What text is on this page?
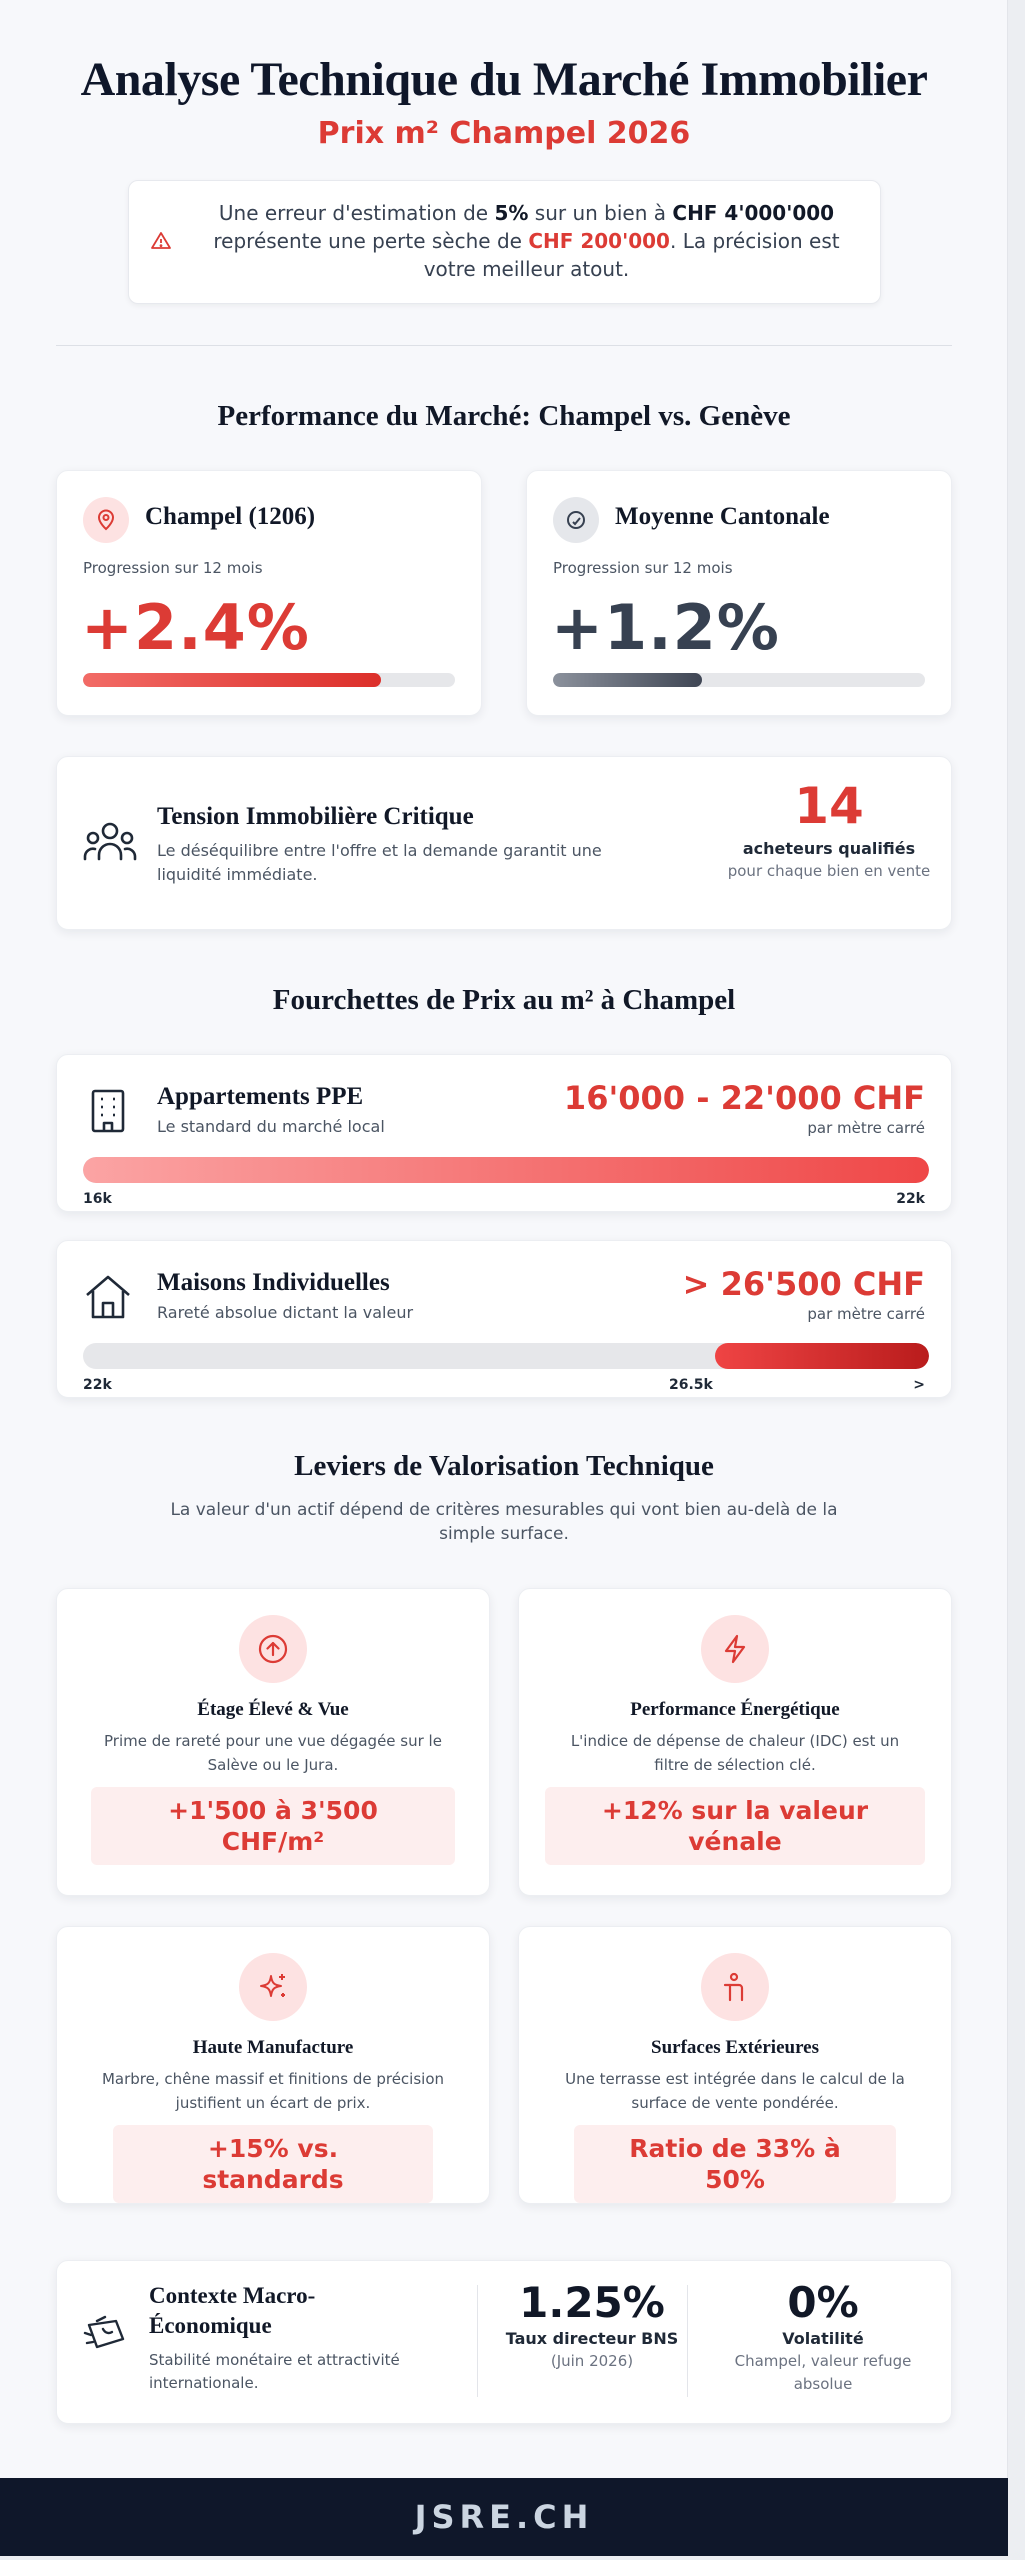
Analyse Technique du Marché Immobilier
Prix m² Champel 2026

Une erreur d'estimation de 5% sur un bien à CHF 4'000'000 représente une perte sèche de CHF 200'000. La précision est votre meilleur atout.

Performance du Marché: Champel vs. Genève
Champel (1206)
Progression sur 12 mois
+2.4%
Moyenne Cantonale
Progression sur 12 mois
+1.2%
Tension Immobilière Critique
Le déséquilibre entre l'offre et la demande garantit une liquidité immédiate.
14
acheteurs qualifiés
pour chaque bien en vente
Fourchettes de Prix au m² à Champel
Appartements PPE
Le standard du marché local
16'000 - 22'000 CHF
par mètre carré
16k	22k
Maisons Individuelles
Rareté absolue dictant la valeur
> 26'500 CHF
par mètre carré
22k	26.5k	>
Leviers de Valorisation Technique

La valeur d'un actif dépend de critères mesurables qui vont bien au-delà de la simple surface.

Étage Élevé & Vue
Prime de rareté pour une vue dégagée sur le Salève ou le Jura.
+1'500 à 3'500 CHF/m²
Performance Énergétique
L'indice de dépense de chaleur (IDC) est un filtre de sélection clé.
+12% sur la valeur vénale
Haute Manufacture
Marbre, chêne massif et finitions de précision justifient un écart de prix.
+15% vs. standards
Surfaces Extérieures
Une terrasse est intégrée dans le calcul de la surface de vente pondérée.
Ratio de 33% à 50%
Contexte Macro-Économique
Stabilité monétaire et attractivité internationale.
1.25%
Taux directeur BNS
(Juin 2026)
0%
Volatilité
Champel, valeur refuge absolue
JSRE.CH
